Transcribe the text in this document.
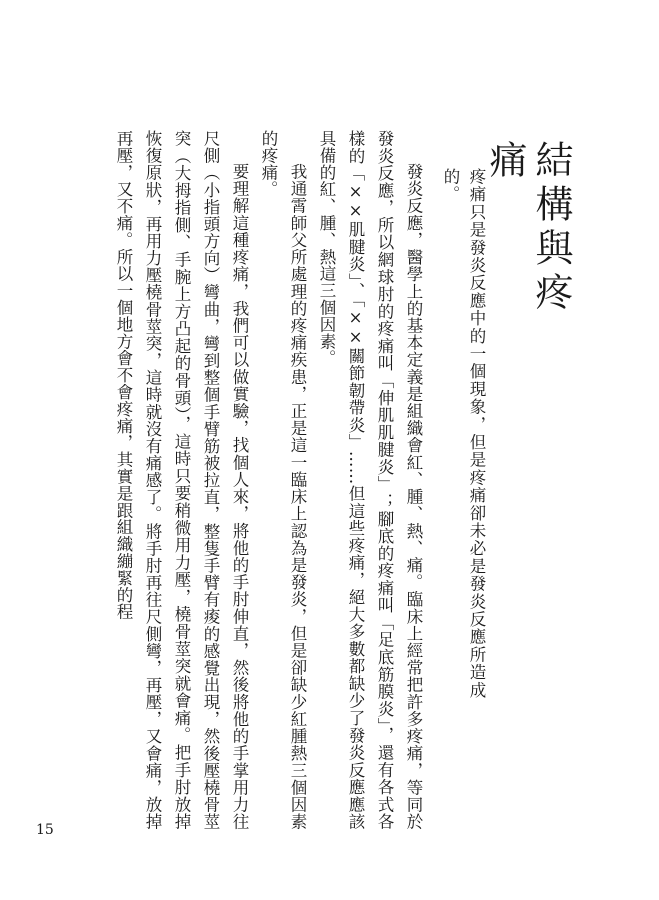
結構與疼痛

疼痛只是發炎反應中的一個現象，但是疼痛卻未必是發炎反應所造成的。

發炎反應，醫學上的基本定義是組織會紅、腫、熱、痛。臨床上經常把許多疼痛，等同於發炎反應，所以網球肘的疼痛叫「伸肌肌腱炎」；腳底的疼痛叫「足底筋膜炎」，還有各式各樣的「××肌腱炎」、「××關節韌帶炎」……但這些疼痛，絕大多數都缺少了發炎反應應該具備的紅、腫、熱這三個因素。

我通霄師父所處理的疼痛疾患，正是這一臨床上認為是發炎，但是卻缺少紅腫熱三個因素的疼痛。

要理解這種疼痛，我們可以做實驗，找個人來，將他的手肘伸直，然後將他的手掌用力往尺側（小指頭方向）彎曲，彎到整個手臂筋被拉直，整隻手臂有痠的感覺出現，然後壓橈骨莖突（大拇指側、手腕上方凸起的骨頭），這時只要稍微用力壓，橈骨莖突就會痛。把手肘放掉恢復原狀，再用力壓橈骨莖突，這時就沒有痛感了。將手肘再往尺側彎，再壓，又會痛，放掉再壓，又不痛。所以一個地方會不會疼痛，其實是跟組織繃緊的程

15
